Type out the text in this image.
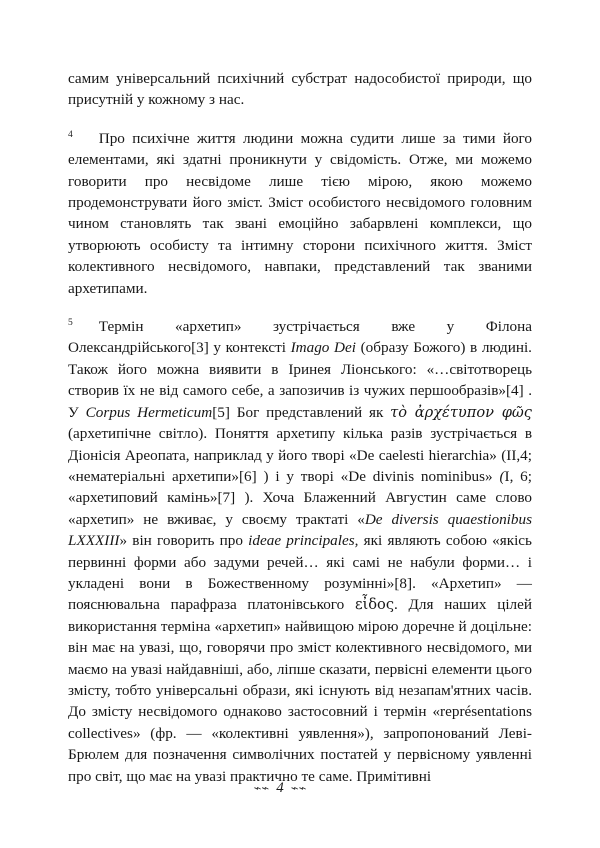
самим універсальний психічний субстрат надособистої природи, що присутній у кожному з нас.

$^4$ Про психічне життя людини можна судити лише за тими його елементами, які здатні проникнути у свідомість. Отже, ми можемо говорити про несвідоме лише тією мірою, якою можемо продемонструвати його зміст. Зміст особистого несвідомого головним чином становлять так звані емоційно забарвлені комплекси, що утворюють особисту та інтимну сторони психічного життя. Зміст колективного несвідомого, навпаки, представлений так званими архетипами.

$^5$ Термін «архетип» зустрічається вже у Філона Олександрійського[3] у контексті Imago Dei (образу Божого) в людині. Також його можна виявити в Іринея Ліонського: «…світотворець створив їх не від самого себе, а запозичив із чужих першообразів»[4] . У Corpus Hermeticum[5] Бог представлений як τὸ ἀρχέτυπον φῶς (архетипічне світло). Поняття архетипу кілька разів зустрічається в Діонісія Ареопата, наприклад у його творі «De caelesti hierarchia» (II,4; «нематеріальні архетипи»[6] ) і у творі «De divinis nominibus» (I, 6; «архетиповий камінь»[7] ). Хоча Блаженний Августин саме слово «архетип» не вживає, у своєму трактаті «De diversis quaestionibus LXXXIII» він говорить про ideae principales, які являють собою «якісь первинні форми або задуми речей… які самі не набули форми… і укладені вони в Божественному розумінні»[8]. «Архетип» — пояснювальна парафраза платонівського εἶδος. Для наших цілей використання терміна «архетип» найвищою мірою доречне й доцільне: він має на увазі, що, говорячи про зміст колективного несвідомого, ми маємо на увазі найдавніші, або, ліпше сказати, первісні елементи цього змісту, тобто універсальні образи, які існують від незапам'ятних часів. До змісту несвідомого однаково застосовний і термін «représentations collectives» (фр. — «колективні уявлення»), запропонований Леві-Брюлем для позначення символічних постатей у первісному уявленні про світ, що має на увазі практично те саме. Примітивні

⌁⌁ 4 ⌁⌁
